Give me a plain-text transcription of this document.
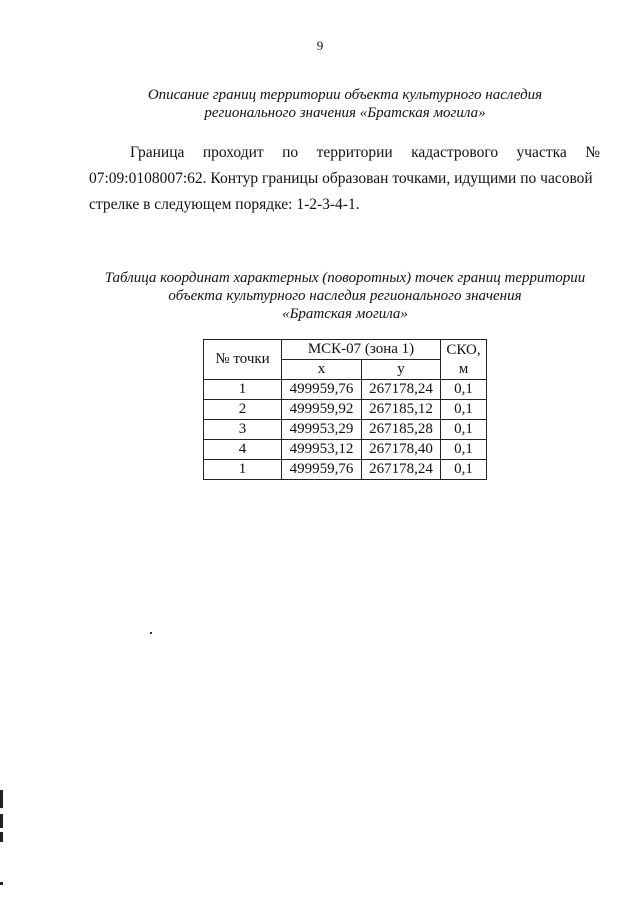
9
Описание границ территории объекта культурного наследия
регионального значения «Братская могила»
Граница проходит по территории кадастрового участка №
07:09:0108007:62. Контур границы образован точками, идущими по часовой
стрелке в следующем порядке: 1-2-3-4-1.
Таблица координат характерных (поворотных) точек границ территории
объекта культурного наследия регионального значения
«Братская могила»
№ точки	МСК-07 (зона 1)		СКО,
м

	x	y	
1	499959,76	267178,24	0,1
2	499959,92	267185,12	0,1
3	499953,29	267185,28	0,1
4	499953,12	267178,40	0,1
1	499959,76	267178,24	0,1
